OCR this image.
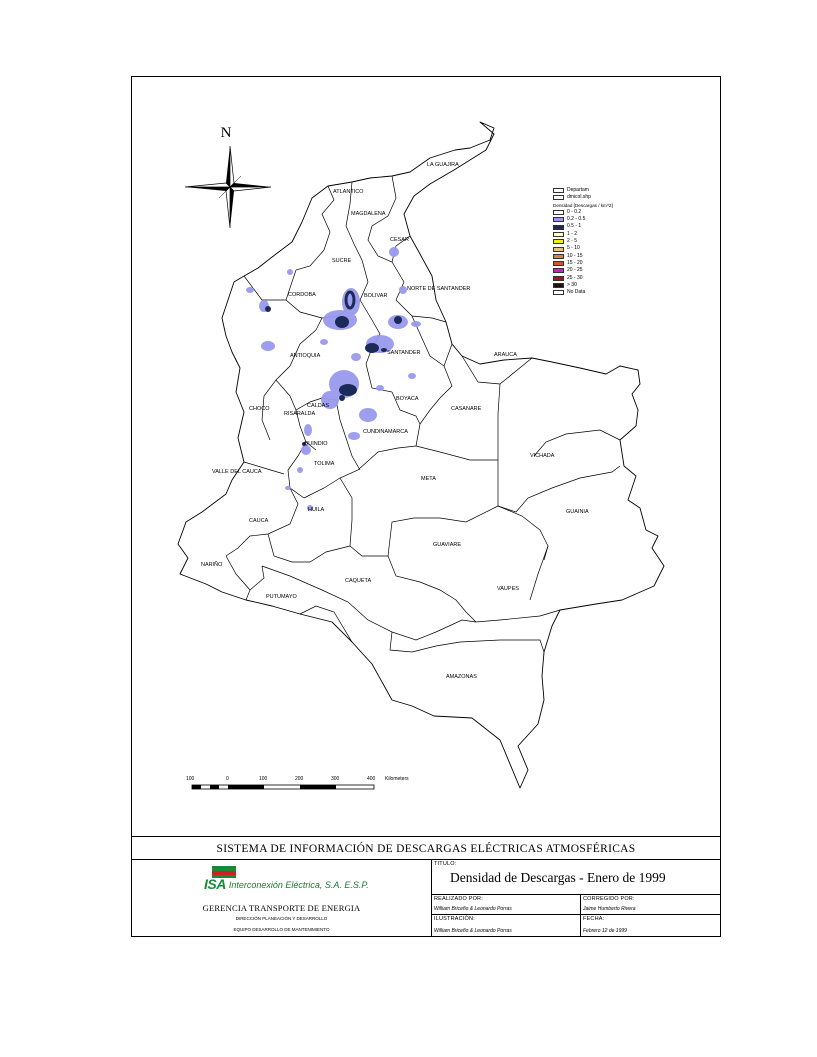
N
LA GUAJIRA
ATLANTICO
MAGDALENA
CESAR
SUCRE
BOLIVAR
CORDOBA
NORTE DE SANTANDER
ANTIOQUIA	SANTANDER	ARAUCA
BOYACA
CASANARE
CHOCO	CALDAS
RISARALDA
QUINDIO
CUNDINAMARCA
TOLIMA
VICHADA
VALLE DEL CAUCA
META
HUILA	GUAINIA
CAUCA
GUAVIARE
NARIÑO
CAQUETA
VAUPES
PUTUMAYO
AMAZONAS
Departam
dmicol.shp
Densidad [Descargas / km^2]
0 - 0.2
0.2 - 0.5
0.5 - 1
1 - 2
2 - 5
5 - 10
10 - 15
15 - 20
20 - 25
25 - 30
> 30
No Data
100	0	100	200	300	400 Kilometers
SISTEMA DE INFORMACIÓN DE DESCARGAS ELÉCTRICAS ATMOSFÉRICAS
ISA Interconexión Eléctrica, S.A. E.S.P.
GERENCIA TRANSPORTE DE ENERGIA
DIRECCIÓN PLANEACIÓN Y DESARROLLO
EQUIPO DESARROLLO DE MANTENIMIENTO
TITULO:
Densidad de Descargas - Enero de 1999
REALIZADO POR:
William Briceño & Leonardo Porras
CORREGIDO POR:
Jaime Humberto Rivera
ILUSTRACIÓN:
William Briceño & Leonardo Porras
FECHA:
Febrero 12 de 1999
